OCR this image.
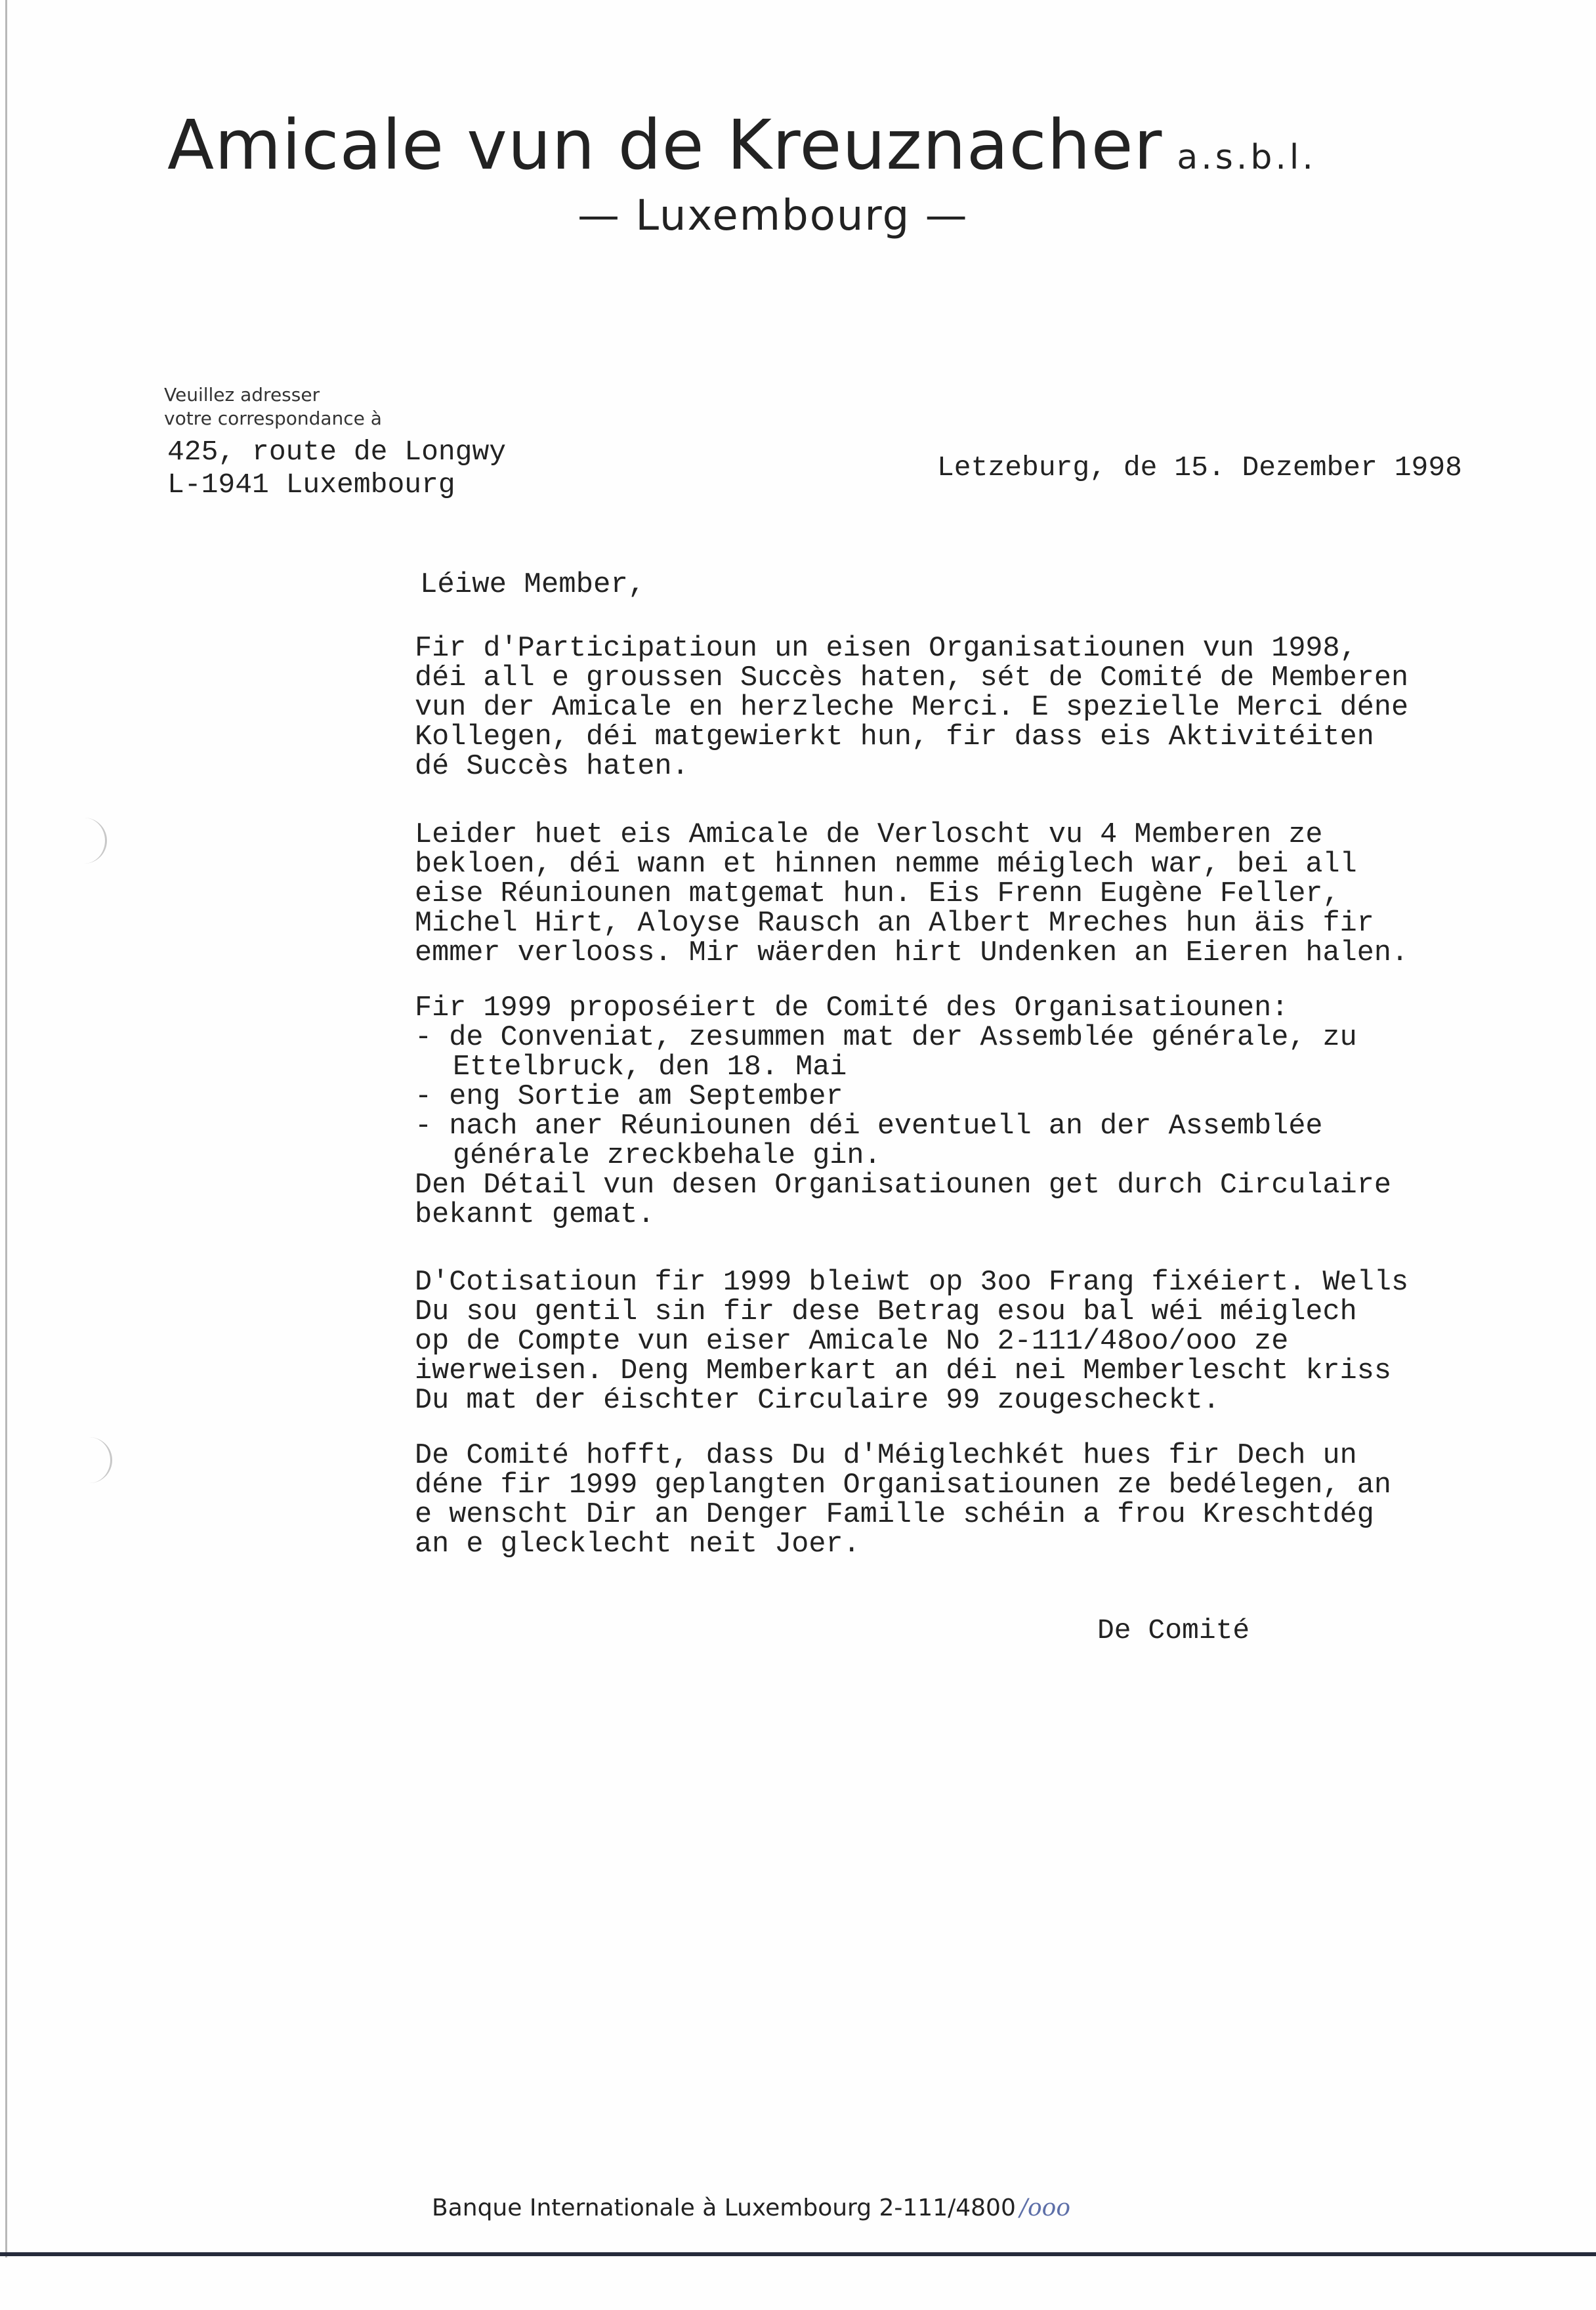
Amicale vun de Kreuznacher a.s.b.l.
— Luxembourg —
Veuillez adresser
votre correspondance à
425, route de Longwy
L-1941 Luxembourg
Letzeburg, de 15. Dezember 1998
Léiwe Member,
Fir d'Participatioun un eisen Organisatiounen vun 1998,
déi all e groussen Succès haten, sét de Comité de Memberen
vun der Amicale en herzleche Merci. E spezielle Merci déne
Kollegen, déi matgewierkt hun, fir dass eis Aktivitéiten
dé Succès haten.
Leider huet eis Amicale de Verloscht vu 4 Memberen ze
bekloen, déi wann et hinnen nemme méiglech war, bei all
eise Réuniounen matgemat hun. Eis Frenn Eugène Feller,
Michel Hirt, Aloyse Rausch an Albert Mreches hun äis fir
emmer verlooss. Mir wäerden hirt Undenken an Eieren halen.
Fir 1999 proposéiert de Comité des Organisatiounen:
- de Conveniat, zesummen mat der Assemblée générale, zu
Ettelbruck, den 18. Mai
- eng Sortie am September
- nach aner Réuniounen déi eventuell an der Assemblée
générale zreckbehale gin.
Den Détail vun desen Organisatiounen get durch Circulaire
bekannt gemat.
D'Cotisatioun fir 1999 bleiwt op 3oo Frang fixéiert. Wells
Du sou gentil sin fir dese Betrag esou bal wéi méiglech
op de Compte vun eiser Amicale No 2-111/48oo/ooo ze
iwerweisen. Deng Memberkart an déi nei Memberlescht kriss
Du mat der éischter Circulaire 99 zougescheckt.
De Comité hofft, dass Du d'Méiglechkét hues fir Dech un
déne fir 1999 geplangten Organisatiounen ze bedélegen, an
e wenscht Dir an Denger Famille schéin a frou Kreschtdég
an e glecklecht neit Joer.
De Comité
Banque Internationale à Luxembourg 2-111/4800 /ooo
